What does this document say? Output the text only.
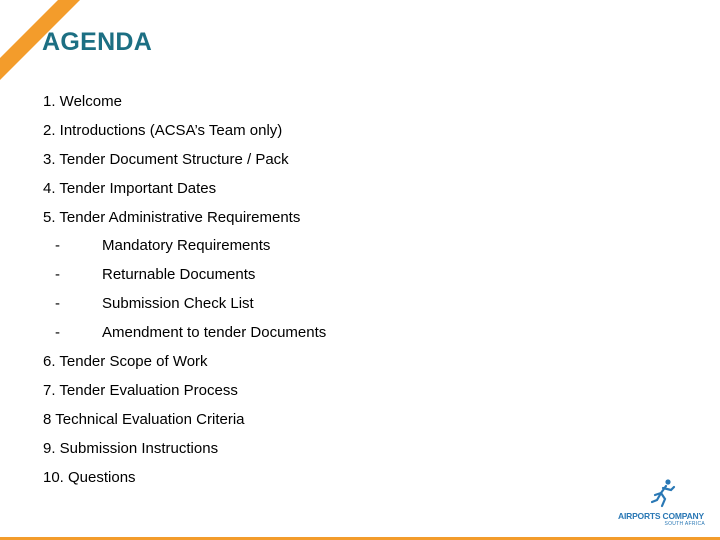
AGENDA
1. Welcome
2. Introductions (ACSA’s Team only)
3. Tender Document Structure / Pack
4. Tender Important Dates
5. Tender Administrative Requirements
-	Mandatory Requirements
-	Returnable Documents
-	Submission Check List
-	Amendment to tender Documents
6. Tender Scope of Work
7. Tender Evaluation Process
8 Technical Evaluation Criteria
9. Submission Instructions
10. Questions
AIRPORTS COMPANY
SOUTH AFRICA
